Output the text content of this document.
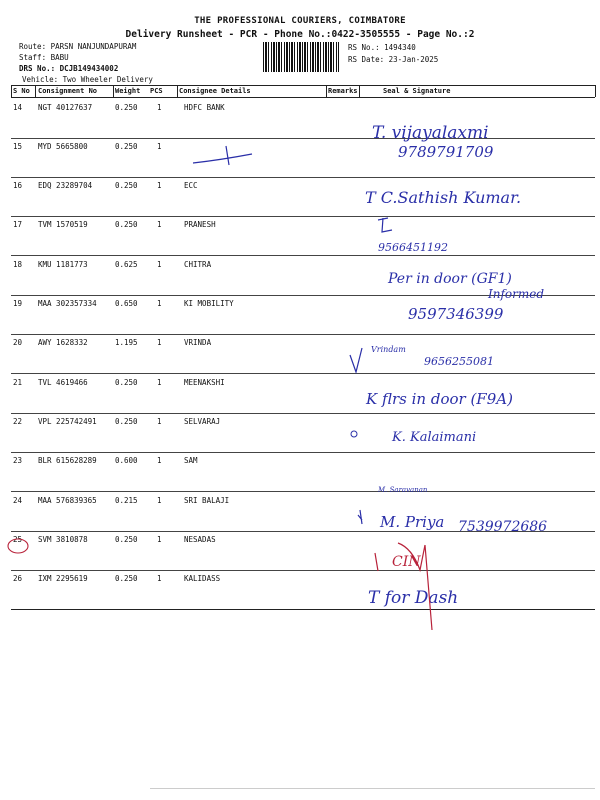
THE PROFESSIONAL COURIERS, COIMBATORE
Delivery Runsheet - PCR - Phone No.:0422-3505555 - Page No.:2
Route: PARSN NANJUNDAPURAM
Staff: BABU
DRS No.: DCJB149434002
Vehicle: Two Wheeler Delivery
RS No.: 1494340
RS Date: 23-Jan-2025
S No Consignment No	Weight PCS Consignee Details	Remarks	Seal & Signature
14 NGT 40127637	0.250	1	HDFC BANK
15 MYD 5665800	0.250	1
16 EDQ 23289704	0.250	1	ECC
17 TVM 1570519	0.250	1	PRANESH
18 KMU 1181773	0.625	1	CHITRA
19 MAA 302357334 0.650	1	KI MOBILITY
20 AWY 1628332	1.195	1	VRINDA
21 TVL 4619466	0.250	1	MEENAKSHI
22 VPL 225742491 0.250	1	SELVARAJ
23 BLR 615628289 0.600	1	SAM
24 MAA 576839365 0.215	1	SRI BALAJI
25 SVM 3810878	0.250	1	NESADAS
26 IXM 2295619	0.250	1	KALIDASS
T. vijayalaxmi
9789791709
T C.Sathish Kumar.
9566451192
Per in door (GF1)
Informed
9597346399
Vrindam
9656255081
K flrs in door (F9A)
K. Kalaimani
M. Saravanan
M. Priya 7539972686
CIN
T for Dash
